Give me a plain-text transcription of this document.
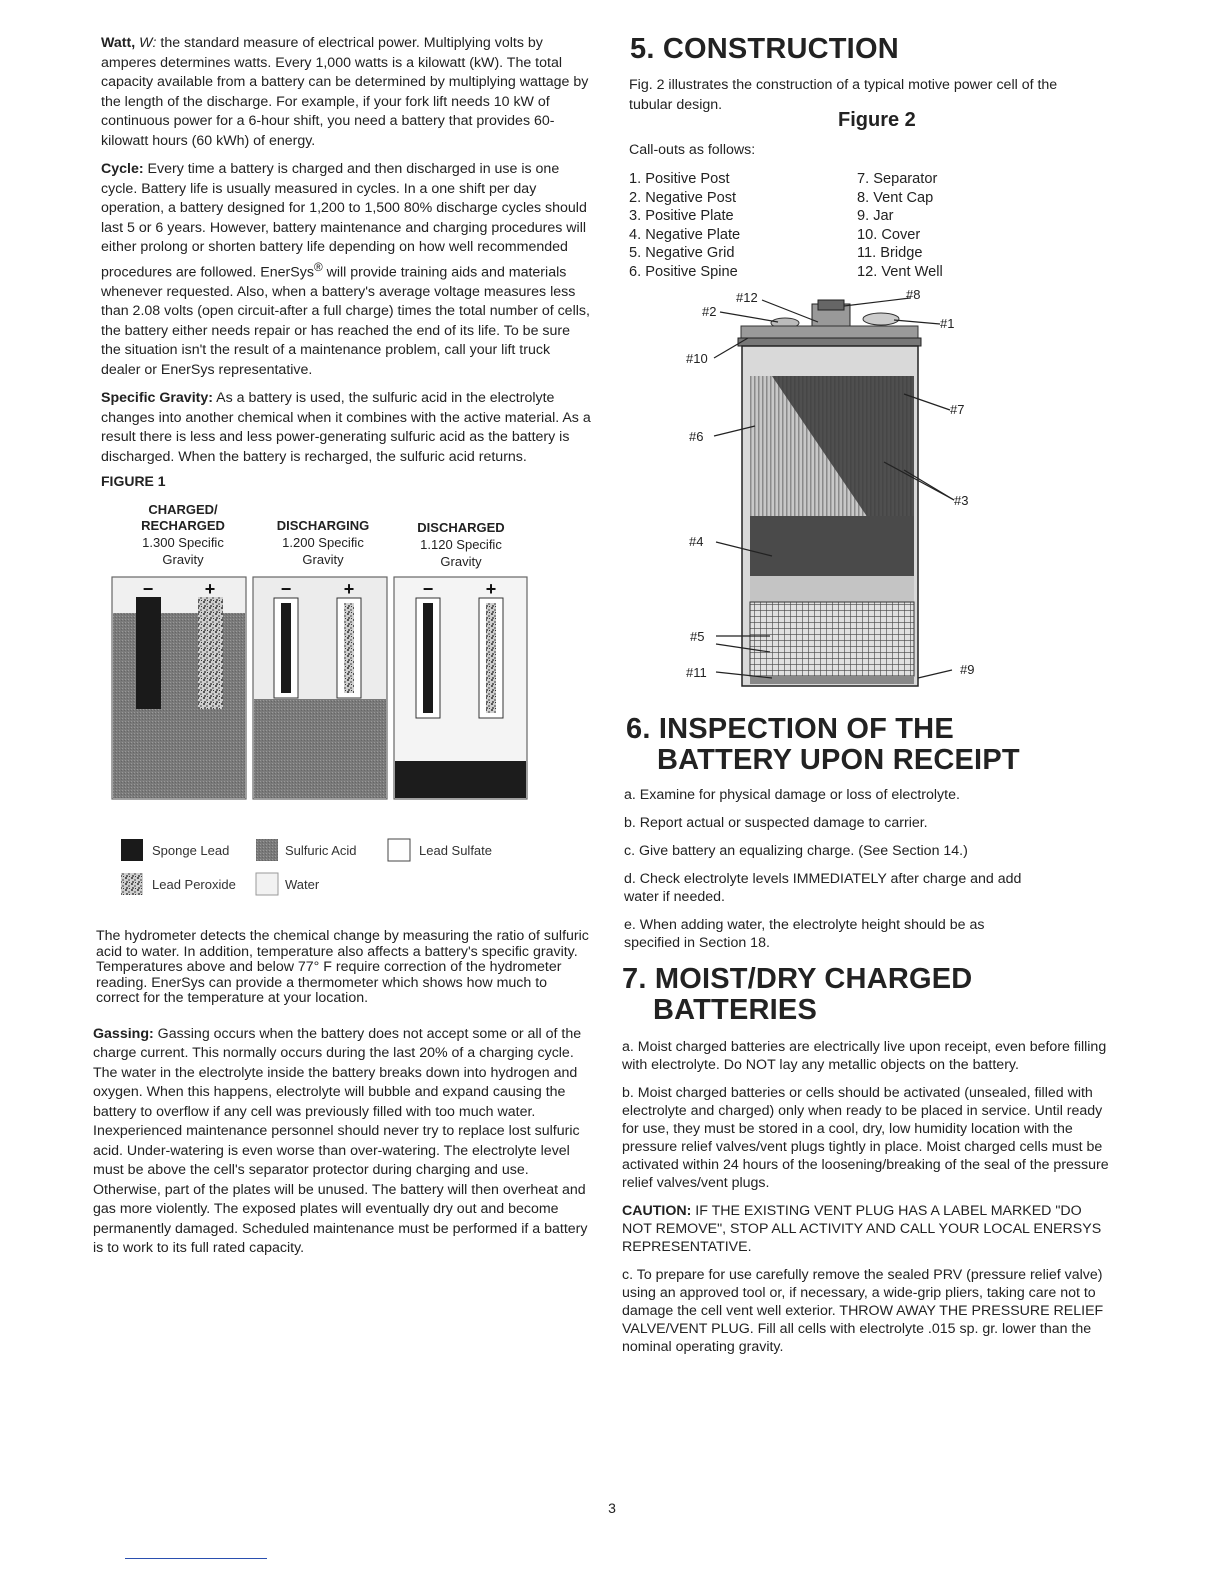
Watt, W: the standard measure of electrical power. Multiplying volts by amperes determines watts. Every 1,000 watts is a kilowatt (kW). The total capacity available from a battery can be determined by multiplying wattage by the length of the discharge. For example, if your fork lift needs 10 kW of continuous power for a 6-hour shift, you need a battery that provides 60-kilowatt hours (60 kWh) of energy.

Cycle: Every time a battery is charged and then discharged in use is one cycle. Battery life is usually measured in cycles. In a one shift per day operation, a battery designed for 1,200 to 1,500 80% discharge cycles should last 5 or 6 years. However, battery maintenance and charging procedures will either prolong or shorten battery life depending on how well recommended procedures are followed. EnerSys® will provide training aids and materials whenever requested. Also, when a battery's average voltage measures less than 2.08 volts (open circuit-after a full charge) times the total number of cells, the battery either needs repair or has reached the end of its life. To be sure the situation isn't the result of a maintenance problem, call your lift truck dealer or EnerSys representative.

Specific Gravity: As a battery is used, the sulfuric acid in the electrolyte changes into another chemical when it combines with the active material. As a result there is less and less power-generating sulfuric acid as the battery is discharged. When the battery is recharged, the sulfuric acid returns.

FIGURE 1
CHARGED/
RECHARGED
1.300 Specific
Gravity
DISCHARGING
1.200 Specific
Gravity
DISCHARGED
1.120 Specific
Gravity
−	+	−	+	−	+
Sponge Lead	Sulfuric Acid	Lead Sulfate
Lead Peroxide	Water

The hydrometer detects the chemical change by measuring the ratio of sulfuric acid to water. In addition, temperature also affects a battery's specific gravity. Temperatures above and below 77° F require correction of the hydrometer reading. EnerSys can provide a thermometer which shows how much to correct for the temperature at your location.

Gassing: Gassing occurs when the battery does not accept some or all of the charge current. This normally occurs during the last 20% of a charging cycle. The water in the electrolyte inside the battery breaks down into hydrogen and oxygen. When this happens, electrolyte will bubble and expand causing the battery to overflow if any cell was previously filled with too much water. Inexperienced maintenance personnel should never try to replace lost sulfuric acid. Under-watering is even worse than over-watering. The electrolyte level must be above the cell's separator protector during charging and use. Otherwise, part of the plates will be unused. The battery will then overheat and gas more violently. The exposed plates will eventually dry out and become permanently damaged. Scheduled maintenance must be performed if a battery is to work to its full rated capacity.

5. CONSTRUCTION

Fig. 2 illustrates the construction of a typical motive power cell of the tubular design.

Figure 2
Call-outs as follows:
1. Positive Post
2. Negative Post
3. Positive Plate
4. Negative Plate
5. Negative Grid
6. Positive Spine
7. Separator
8. Vent Cap
9. Jar
10. Cover
11. Bridge
12. Vent Well
#12	#8
#2
#1
#10
#7
#6
#3
#4
#5
#11	#9
6. INSPECTION OF THE
BATTERY UPON RECEIPT
a. Examine for physical damage or loss of electrolyte.
b. Report actual or suspected damage to carrier.
c. Give battery an equalizing charge. (See Section 14.)
d. Check electrolyte levels IMMEDIATELY after charge and add water if needed.
e. When adding water, the electrolyte height should be as specified in Section 18.
7. MOIST/DRY CHARGED
BATTERIES
a. Moist charged batteries are electrically live upon receipt, even before filling with electrolyte. Do NOT lay any metallic objects on the battery.
b. Moist charged batteries or cells should be activated (unsealed, filled with electrolyte and charged) only when ready to be placed in service. Until ready for use, they must be stored in a cool, dry, low humidity location with the pressure relief valves/vent plugs tightly in place. Moist charged cells must be activated within 24 hours of the loosening/breaking of the seal of the pressure relief valves/vent plugs.
CAUTION: IF THE EXISTING VENT PLUG HAS A LABEL MARKED "DO NOT REMOVE", STOP ALL ACTIVITY AND CALL YOUR LOCAL ENERSYS REPRESENTATIVE.
c. To prepare for use carefully remove the sealed PRV (pressure relief valve) using an approved tool or, if necessary, a wide-grip pliers, taking care not to damage the cell vent well exterior. THROW AWAY THE PRESSURE RELIEF VALVE/VENT PLUG. Fill all cells with electrolyte .015 sp. gr. lower than the nominal operating gravity.
3
